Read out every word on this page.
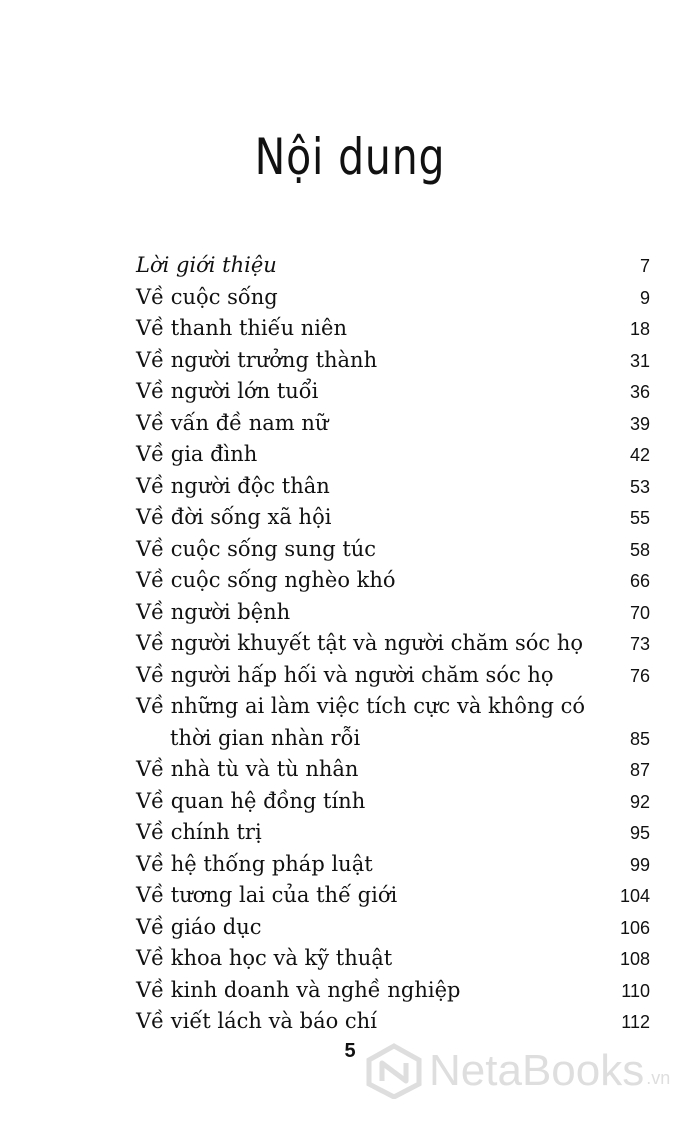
Nội dung
Lời giới thiệu	7
Về cuộc sống	9
Về thanh thiếu niên	18
Về người trưởng thành	31
Về người lớn tuổi	36
Về vấn đề nam nữ	39
Về gia đình	42
Về người độc thân	53
Về đời sống xã hội	55
Về cuộc sống sung túc	58
Về cuộc sống nghèo khó	66
Về người bệnh	70
Về người khuyết tật và người chăm sóc họ	73
Về người hấp hối và người chăm sóc họ	76
Về những ai làm việc tích cực và không có
thời gian nhàn rỗi	85
Về nhà tù và tù nhân	87
Về quan hệ đồng tính	92
Về chính trị	95
Về hệ thống pháp luật	99
Về tương lai của thế giới	104
Về giáo dục	106
Về khoa học và kỹ thuật	108
Về kinh doanh và nghề nghiệp	110
Về viết lách và báo chí	112
5	NetaBooks .vn
